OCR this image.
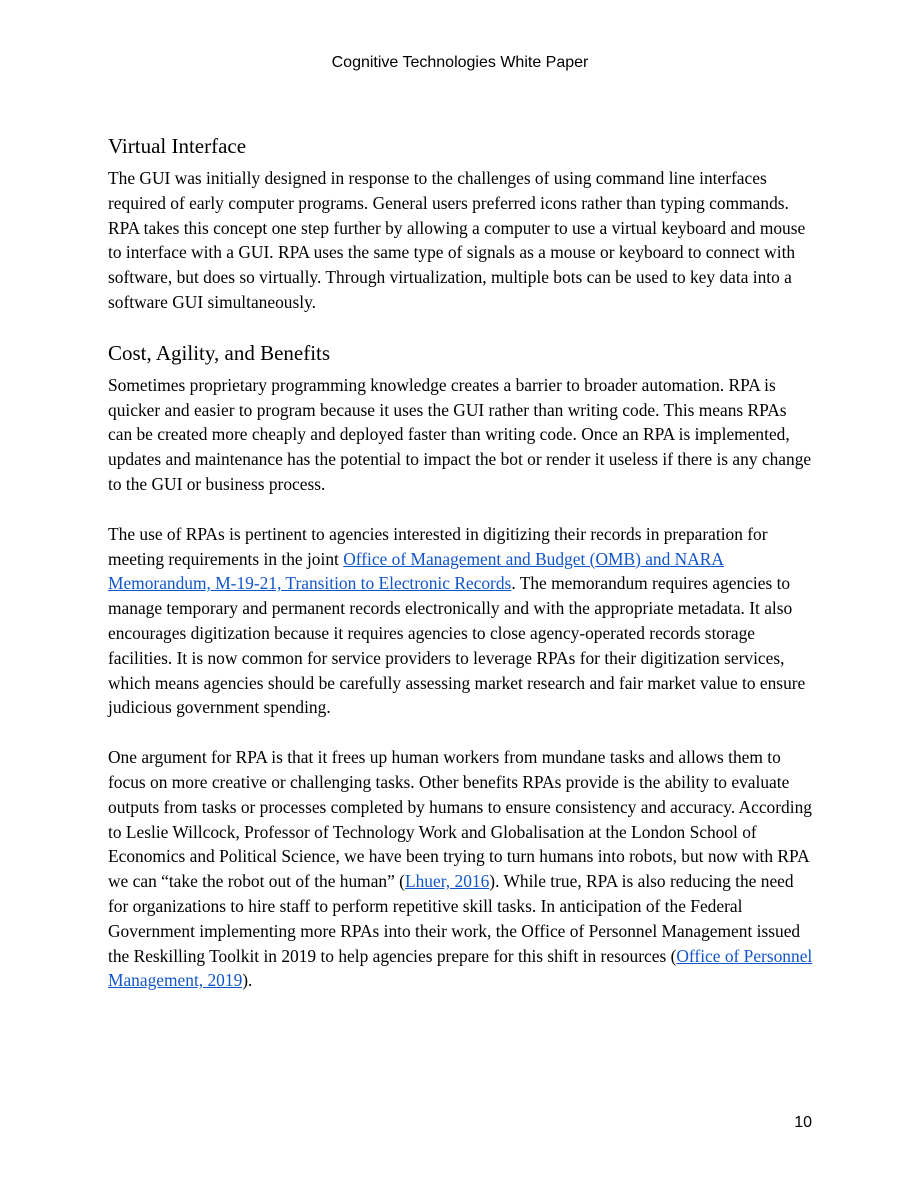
Cognitive Technologies White Paper
Virtual Interface

The GUI was initially designed in response to the challenges of using command line interfaces required of early computer programs. General users preferred icons rather than typing commands. RPA takes this concept one step further by allowing a computer to use a virtual keyboard and mouse to interface with a GUI. RPA uses the same type of signals as a mouse or keyboard to connect with software, but does so virtually. Through virtualization, multiple bots can be used to key data into a software GUI simultaneously.

Cost, Agility, and Benefits

Sometimes proprietary programming knowledge creates a barrier to broader automation. RPA is quicker and easier to program because it uses the GUI rather than writing code. This means RPAs can be created more cheaply and deployed faster than writing code. Once an RPA is implemented, updates and maintenance has the potential to impact the bot or render it useless if there is any change to the GUI or business process.

The use of RPAs is pertinent to agencies interested in digitizing their records in preparation for meeting requirements in the joint Office of Management and Budget (OMB) and NARA Memorandum, M-19-21, Transition to Electronic Records. The memorandum requires agencies to manage temporary and permanent records electronically and with the appropriate metadata. It also encourages digitization because it requires agencies to close agency-operated records storage facilities. It is now common for service providers to leverage RPAs for their digitization services, which means agencies should be carefully assessing market research and fair market value to ensure judicious government spending.

One argument for RPA is that it frees up human workers from mundane tasks and allows them to focus on more creative or challenging tasks. Other benefits RPAs provide is the ability to evaluate outputs from tasks or processes completed by humans to ensure consistency and accuracy. According to Leslie Willcock, Professor of Technology Work and Globalisation at the London School of Economics and Political Science, we have been trying to turn humans into robots, but now with RPA we can “take the robot out of the human” (Lhuer, 2016). While true, RPA is also reducing the need for organizations to hire staff to perform repetitive skill tasks. In anticipation of the Federal Government implementing more RPAs into their work, the Office of Personnel Management issued the Reskilling Toolkit in 2019 to help agencies prepare for this shift in resources (Office of Personnel Management, 2019).

10
